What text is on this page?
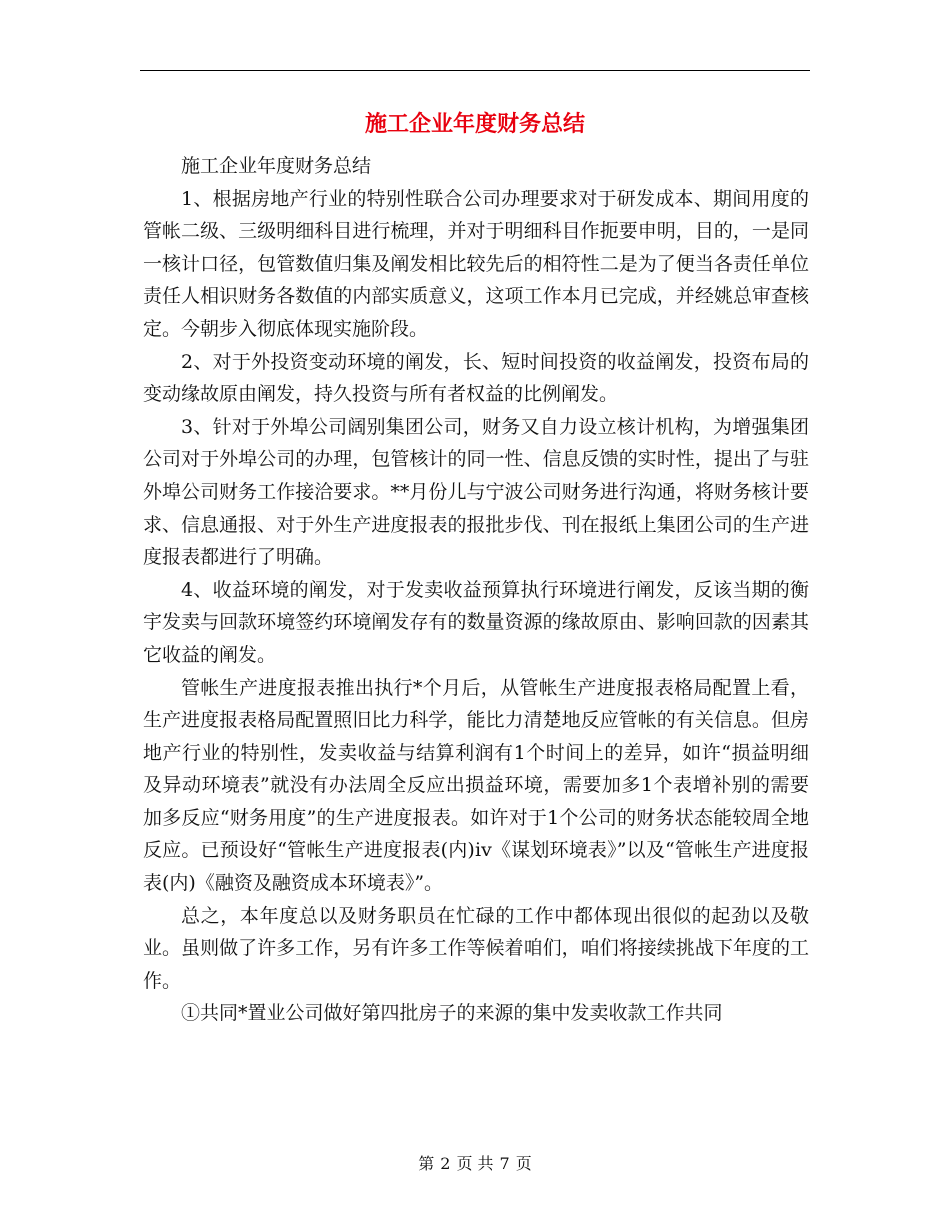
施工企业年度财务总结

施工企业年度财务总结

1、根据房地产行业的特别性联合公司办理要求对于研发成本、期间用度的管帐二级、三级明细科目进行梳理，并对于明细科目作扼要申明，目的，一是同一核计口径，包管数值归集及阐发相比较先后的相符性二是为了便当各责任单位责任人相识财务各数值的内部实质意义，这项工作本月已完成，并经姚总审查核定。今朝步入彻底体现实施阶段。

2、对于外投资变动环境的阐发，长、短时间投资的收益阐发，投资布局的变动缘故原由阐发，持久投资与所有者权益的比例阐发。

3、针对于外埠公司阔别集团公司，财务又自力设立核计机构，为增强集团公司对于外埠公司的办理，包管核计的同一性、信息反馈的实时性，提出了与驻外埠公司财务工作接洽要求。**月份儿与宁波公司财务进行沟通，将财务核计要求、信息通报、对于外生产进度报表的报批步伐、刊在报纸上集团公司的生产进度报表都进行了明确。

4、收益环境的阐发，对于发卖收益预算执行环境进行阐发，反该当期的衡宇发卖与回款环境签约环境阐发存有的数量资源的缘故原由、影响回款的因素其它收益的阐发。

管帐生产进度报表推出执行*个月后，从管帐生产进度报表格局配置上看，生产进度报表格局配置照旧比力科学，能比力清楚地反应管帐的有关信息。但房地产行业的特别性，发卖收益与结算利润有1个时间上的差异，如许“损益明细及异动环境表”就没有办法周全反应出损益环境，需要加多1个表增补别的需要加多反应“财务用度”的生产进度报表。如许对于1个公司的财务状态能较周全地反应。已预设好“管帐生产进度报表(内)ⅳ《谋划环境表》”以及“管帐生产进度报表(内)《融资及融资成本环境表》”。

总之，本年度总以及财务职员在忙碌的工作中都体现出很似的起劲以及敬业。虽则做了许多工作，另有许多工作等候着咱们，咱们将接续挑战下年度的工作。

①共同*置业公司做好第四批房子的来源的集中发卖收款工作共同

第 2 页 共 7 页
